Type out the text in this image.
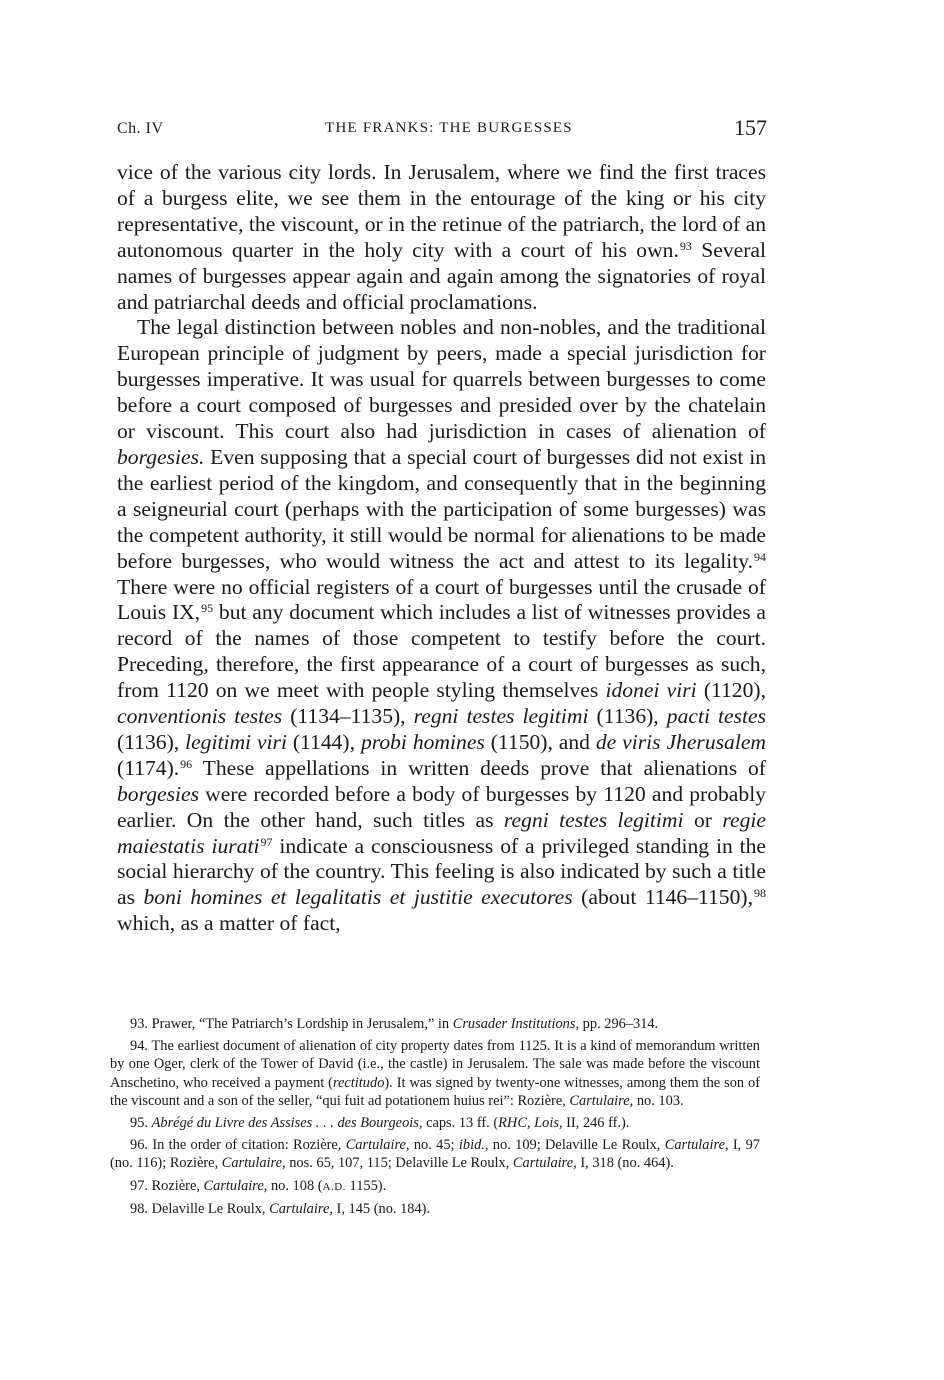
Ch. IV	THE FRANKS: THE BURGESSES	157

vice of the various city lords. In Jerusalem, where we find the first traces of a burgess elite, we see them in the entourage of the king or his city representative, the viscount, or in the retinue of the patriarch, the lord of an autonomous quarter in the holy city with a court of his own.$^{93}$ Several names of burgesses appear again and again among the signatories of royal and patriarchal deeds and official proclamations.

The legal distinction between nobles and non-nobles, and the traditional European principle of judgment by peers, made a special jurisdiction for burgesses imperative. It was usual for quarrels between burgesses to come before a court composed of burgesses and presided over by the chatelain or viscount. This court also had jurisdiction in cases of alienation of borgesies. Even supposing that a special court of burgesses did not exist in the earliest period of the kingdom, and consequently that in the beginning a seigneurial court (perhaps with the participation of some burgesses) was the competent authority, it still would be normal for alienations to be made before burgesses, who would witness the act and attest to its legality.$^{94}$ There were no official registers of a court of burgesses until the crusade of Louis IX,$^{95}$ but any document which includes a list of witnesses provides a record of the names of those competent to testify before the court. Preceding, therefore, the first appearance of a court of burgesses as such, from 1120 on we meet with people styling themselves idonei viri (1120), conventionis testes (1134–1135), regni testes legitimi (1136), pacti testes (1136), legitimi viri (1144), probi homines (1150), and de viris Jherusalem (1174).$^{96}$ These appellations in written deeds prove that alienations of borgesies were recorded before a body of burgesses by 1120 and probably earlier. On the other hand, such titles as regni testes legitimi or regie maiestatis iurati$^{97}$ indicate a consciousness of a privileged standing in the social hierarchy of the country. This feeling is also indicated by such a title as boni homines et legalitatis et justitie executores (about 1146–1150),$^{98}$ which, as a matter of fact,

93. Prawer, “The Patriarch’s Lordship in Jerusalem,” in Crusader Institutions, pp. 296–314.

94. The earliest document of alienation of city property dates from 1125. It is a kind of memorandum written by one Oger, clerk of the Tower of David (i.e., the castle) in Jerusalem. The sale was made before the viscount Anschetino, who received a payment (rectitudo). It was signed by twenty-one witnesses, among them the son of the viscount and a son of the seller, “qui fuit ad potationem huius rei”: Rozière, Cartulaire, no. 103.

95. Abrégé du Livre des Assises . . . des Bourgeois, caps. 13 ff. (RHC, Lois, II, 246 ff.).

96. In the order of citation: Rozière, Cartulaire, no. 45; ibid., no. 109; Delaville Le Roulx, Cartulaire, I, 97 (no. 116); Rozière, Cartulaire, nos. 65, 107, 115; Delaville Le Roulx, Cartulaire, I, 318 (no. 464).

97. Rozière, Cartulaire, no. 108 (A.D. 1155).

98. Delaville Le Roulx, Cartulaire, I, 145 (no. 184).
